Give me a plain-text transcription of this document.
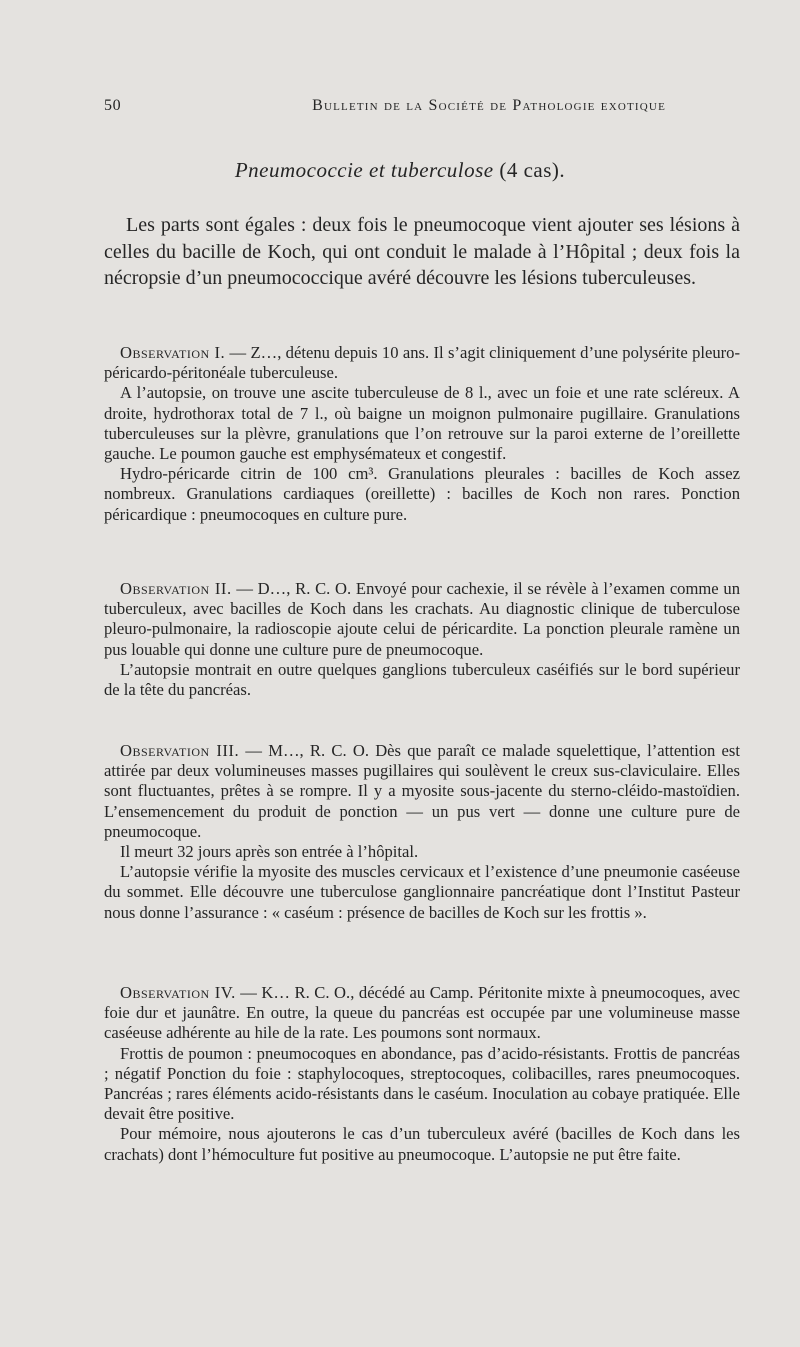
50	Bulletin de la Société de Pathologie exotique
Pneumococcie et tuberculose (4 cas).

Les parts sont égales : deux fois le pneumocoque vient ajouter ses lésions à celles du bacille de Koch, qui ont conduit le malade à l’Hôpital ; deux fois la nécropsie d’un pneumococcique avéré découvre les lésions tuberculeuses.

Observation I. — Z…, détenu depuis 10 ans. Il s’agit cliniquement d’une polysérite pleuro-péricardo-péritonéale tuberculeuse.

A l’autopsie, on trouve une ascite tuberculeuse de 8 l., avec un foie et une rate scléreux. A droite, hydrothorax total de 7 l., où baigne un moignon pulmonaire pugillaire. Granulations tuberculeuses sur la plèvre, granulations que l’on retrouve sur la paroi externe de l’oreillette gauche. Le poumon gauche est emphysémateux et congestif.

Hydro-péricarde citrin de 100 cm³. Granulations pleurales : bacilles de Koch assez nombreux. Granulations cardiaques (oreillette) : bacilles de Koch non rares. Ponction péricardique : pneumocoques en culture pure.

Observation II. — D…, R. C. O. Envoyé pour cachexie, il se révèle à l’examen comme un tuberculeux, avec bacilles de Koch dans les crachats. Au diagnostic clinique de tuberculose pleuro-pulmonaire, la radioscopie ajoute celui de péricardite. La ponction pleurale ramène un pus louable qui donne une culture pure de pneumocoque.

L’autopsie montrait en outre quelques ganglions tuberculeux caséifiés sur le bord supérieur de la tête du pancréas.

Observation III. — M…, R. C. O. Dès que paraît ce malade squelettique, l’attention est attirée par deux volumineuses masses pugillaires qui soulèvent le creux sus-claviculaire. Elles sont fluctuantes, prêtes à se rompre. Il y a myosite sous-jacente du sterno-cléido-mastoïdien. L’ensemencement du produit de ponction — un pus vert — donne une culture pure de pneumocoque.

Il meurt 32 jours après son entrée à l’hôpital.

L’autopsie vérifie la myosite des muscles cervicaux et l’existence d’une pneumonie caséeuse du sommet. Elle découvre une tuberculose ganglionnaire pancréatique dont l’Institut Pasteur nous donne l’assurance : « caséum : présence de bacilles de Koch sur les frottis ».

Observation IV. — K… R. C. O., décédé au Camp. Péritonite mixte à pneumocoques, avec foie dur et jaunâtre. En outre, la queue du pancréas est occupée par une volumineuse masse caséeuse adhérente au hile de la rate. Les poumons sont normaux.

Frottis de poumon : pneumocoques en abondance, pas d’acido-résistants. Frottis de pancréas ; négatif Ponction du foie : staphylocoques, streptocoques, colibacilles, rares pneumocoques. Pancréas ; rares éléments acido-résistants dans le caséum. Inoculation au cobaye pratiquée. Elle devait être positive.

Pour mémoire, nous ajouterons le cas d’un tuberculeux avéré (bacilles de Koch dans les crachats) dont l’hémoculture fut positive au pneumocoque. L’autopsie ne put être faite.
